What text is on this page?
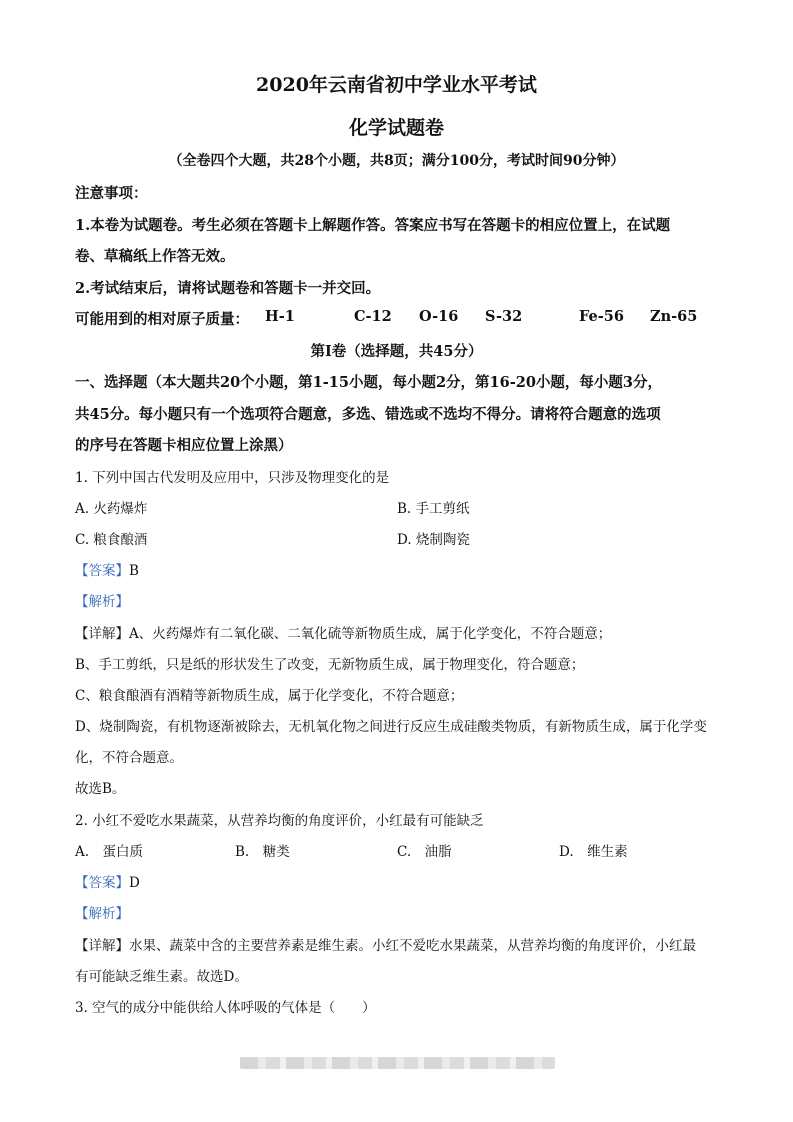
2020年云南省初中学业水平考试
化学试题卷
（全卷四个大题，共28个小题，共8页；满分100分，考试时间90分钟）
注意事项：
1.本卷为试题卷。考生必须在答题卡上解题作答。答案应书写在答题卡的相应位置上，在试题
卷、草稿纸上作答无效。
2.考试结束后，请将试题卷和答题卡一并交回。
可能用到的相对原子质量： H-1	C-12 O-16 S-32	Fe-56 Zn-65
第Ⅰ卷（选择题，共45分）
一、选择题（本大题共20个小题，第1-15小题，每小题2分，第16-20小题，每小题3分，
共45分。每小题只有一个选项符合题意，多选、错选或不选均不得分。请将符合题意的选项
的序号在答题卡相应位置上涂黑）
1. 下列中国古代发明及应用中，只涉及物理变化的是
A. 火药爆炸	B. 手工剪纸
C. 粮食酿酒	D. 烧制陶瓷
【答案】B
【解析】
【详解】A、火药爆炸有二氧化碳、二氧化硫等新物质生成，属于化学变化，不符合题意；
B、手工剪纸，只是纸的形状发生了改变，无新物质生成，属于物理变化，符合题意；
C、粮食酿酒有酒精等新物质生成，属于化学变化，不符合题意；
D、烧制陶瓷，有机物逐渐被除去，无机氧化物之间进行反应生成硅酸类物质，有新物质生成，属于化学变
化，不符合题意。
故选B。
2. 小红不爱吃水果蔬菜，从营养均衡的角度评价，小红最有可能缺乏
A.　蛋白质	B.　糖类	C.　油脂	D.　维生素
【答案】D
【解析】
【详解】水果、蔬菜中含的主要营养素是维生素。小红不爱吃水果蔬菜，从营养均衡的角度评价，小红最
有可能缺乏维生素。故选D。
3. 空气的成分中能供给人体呼吸的气体是（　　）
